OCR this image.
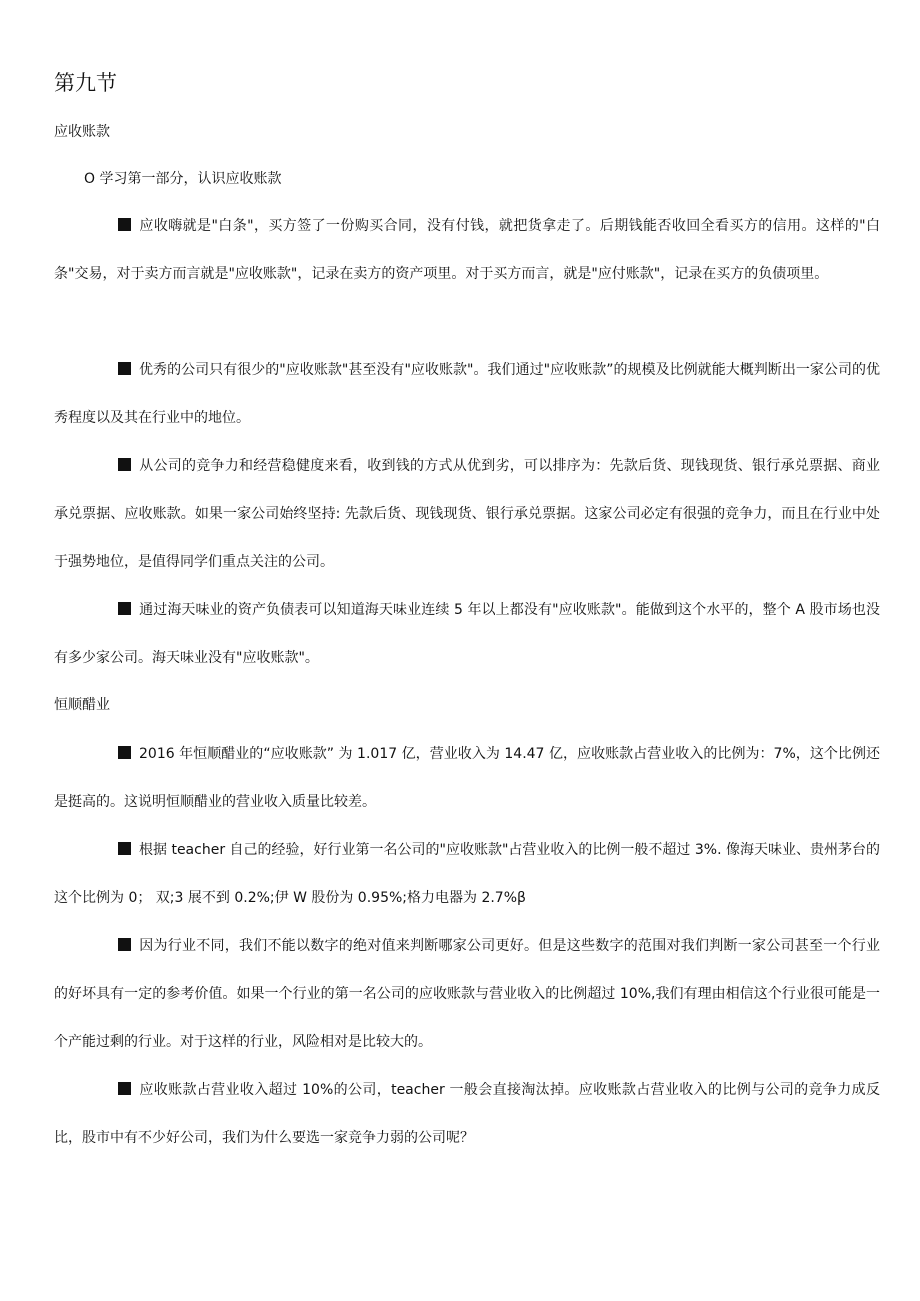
第九节

应收账款

O 学习第一部分，认识应收账款

应收嗨就是"白条"，买方签了一份购买合同，没有付钱，就把货拿走了。后期钱能否收回全看买方的信用。这样的"白条"交易，对于卖方而言就是"应收账款"，记录在卖方的资产项里。对于买方而言，就是"应付账款"，记录在买方的负债项里。

优秀的公司只有很少的"应收账款"甚至没有"应收账款"。我们通过"应收账款”的规模及比例就能大概判断出一家公司的优秀程度以及其在行业中的地位。

从公司的竞争力和经营稳健度来看，收到钱的方式从优到劣，可以排序为：先款后货、现钱现货、银行承兑票据、商业承兑票据、应收账款。如果一家公司始终坚持: 先款后货、现钱现货、银行承兑票据。这家公司必定有很强的竞争力，而且在行业中处于强势地位，是值得同学们重点关注的公司。

通过海天味业的资产负债表可以知道海天味业连续 5 年以上都没有"应收账款"。能做到这个水平的，整个 A 股市场也没有多少家公司。海天味业没有"应收账款"。

恒顺醋业

2016 年恒顺醋业的“应收账款” 为 1.017 亿，营业收入为 14.47 亿，应收账款占营业收入的比例为：7%，这个比例还是挺高的。这说明恒顺醋业的营业收入质量比较差。

根据 teacher 自己的经验，好行业第一名公司的"应收账款"占营业收入的比例一般不超过 3%. 像海天味业、贵州茅台的这个比例为 0； 双;3 展不到 0.2%;伊 W 股份为 0.95%;格力电器为 2.7%β

因为行业不同，我们不能以数字的绝对值来判断哪家公司更好。但是这些数字的范围对我们判断一家公司甚至一个行业的好坏具有一定的参考价值。如果一个行业的第一名公司的应收账款与营业收入的比例超过 10%,我们有理由相信这个行业很可能是一个产能过剩的行业。对于这样的行业，风险相对是比较大的。

应收账款占营业收入超过 10%的公司，teacher 一般会直接淘汰掉。应收账款占营业收入的比例与公司的竞争力成反比，股市中有不少好公司，我们为什么要选一家竞争力弱的公司呢？
